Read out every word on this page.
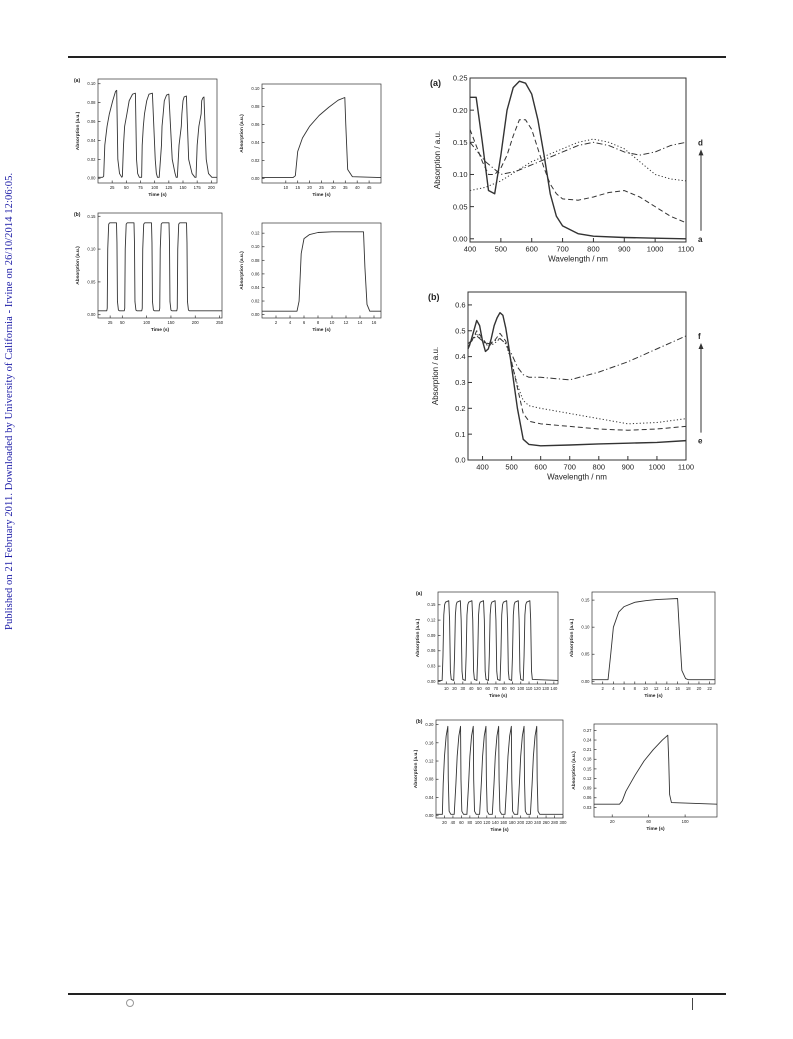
Published on 21 February 2011. Downloaded by University of California - Irvine on 26/10/2014 12:06:05.	25 50 75 100 125 150 175 200
0.00
0.02
0.04
0.06
0.08
0.10
Time (s)
Absorption (a.u.)
(a)
10 15 20 25 30 35 40 45
0.00
0.02
0.04
0.06
0.08
0.10
Time (s)
Absorption (a.u.)
25 50	100	150	200	250
0.00
0.05
0.10
0.15
Time (s)
Absorption (a.u.)
(b)
2	4	6	8 10 12 14 16
0.00
0.02
0.04
0.06
0.08
0.10
0.12
Time (s)
Absorption (a.u.)
400 500 600 700 800 900 1000 1100
0.00
0.05
0.10
0.15
0.20
0.25
Wavelength / nm
Absorption / a.u.
(a)
a
d
400 500 600 700 800 900 1000 1100
0.0
0.1
0.2
0.3
0.4
0.5
0.6
Wavelength / nm
Absorption / a.u.
(b)
e
f
10 20 30 40 50 60 70 80 90 100 110 120 130 140
0.00
0.03
0.06
0.09
0.12
0.15
Time (s)
Absorption (a.u.)
(a)
2 4 6 8 10 12 14 16 18 20 22
0.00
0.05
0.10
0.15
Time (s)
Absorption (a.u.)
20 40 60 80 100 120 140 160 180 200 220 240 260 280 300
0.00
0.04
0.08
0.12
0.16
0.20
Time (s)
Absorption (a.u.)
(b)
20	60	100
0.03
0.06
0.09
0.12
0.15
0.18
0.21
0.24
0.27
Time (s)
Absorption (a.u.)
